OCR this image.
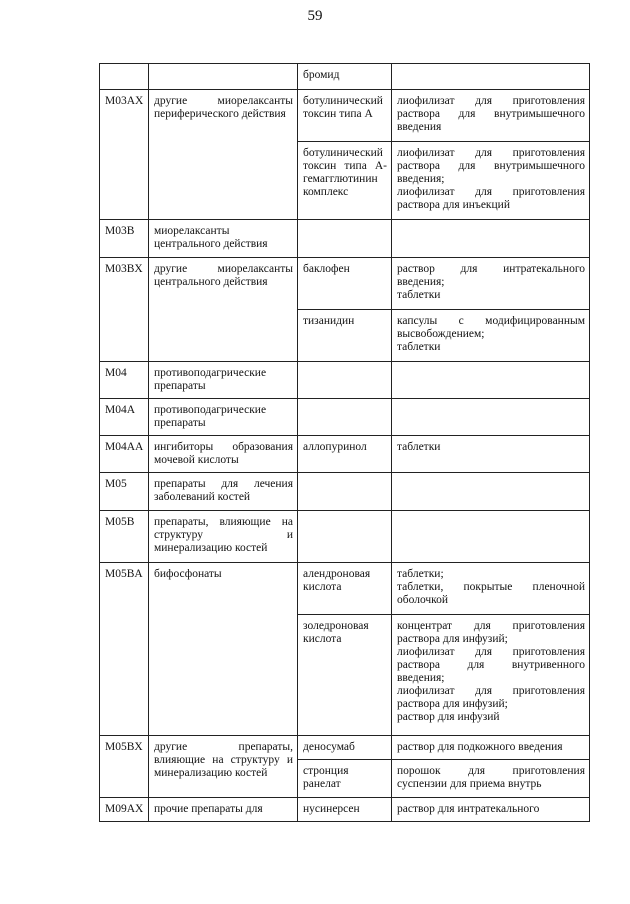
59
		бромид	
M03AX	другие миорелаксанты периферического действия	ботулинический токсин типа А	лиофилизат для приготовления раствора для внутримышечного введения

		ботулинический токсин типа A-гемагглютинин комплекс	лиофилизат для приготовления раствора для внутримышечного введения;
лиофилизат для приготовления раствора для инъекций

M03B	миорелаксанты центрального действия		
M03BX	другие миорелаксанты центрального действия	баклофен	раствор для интратекального введения;
таблетки

		тизанидин	капсулы с модифицированным высвобождением;
таблетки

M04	противоподагрические препараты		
M04A	противоподагрические препараты		
M04AA	ингибиторы образования мочевой кислоты	аллопуринол	таблетки

M05	препараты для лечения заболеваний костей		
M05B	препараты, влияющие на структуру и минерализацию костей		
M05BA	бифосфонаты	алендроновая кислота	таблетки;
таблетки, покрытые пленочной оболочкой

		золедроновая кислота	концентрат для приготовления раствора для инфузий;
лиофилизат для приготовления раствора для внутривенного введения;
лиофилизат для приготовления раствора для инфузий;
раствор для инфузий

M05BX	другие препараты, влияющие на структуру и минерализацию костей	деносумаб	раствор для подкожного введения

		стронция ранелат	порошок для приготовления суспензии для приема внутрь

M09AX	прочие препараты для	нусинерсен	раствор для интратекального
